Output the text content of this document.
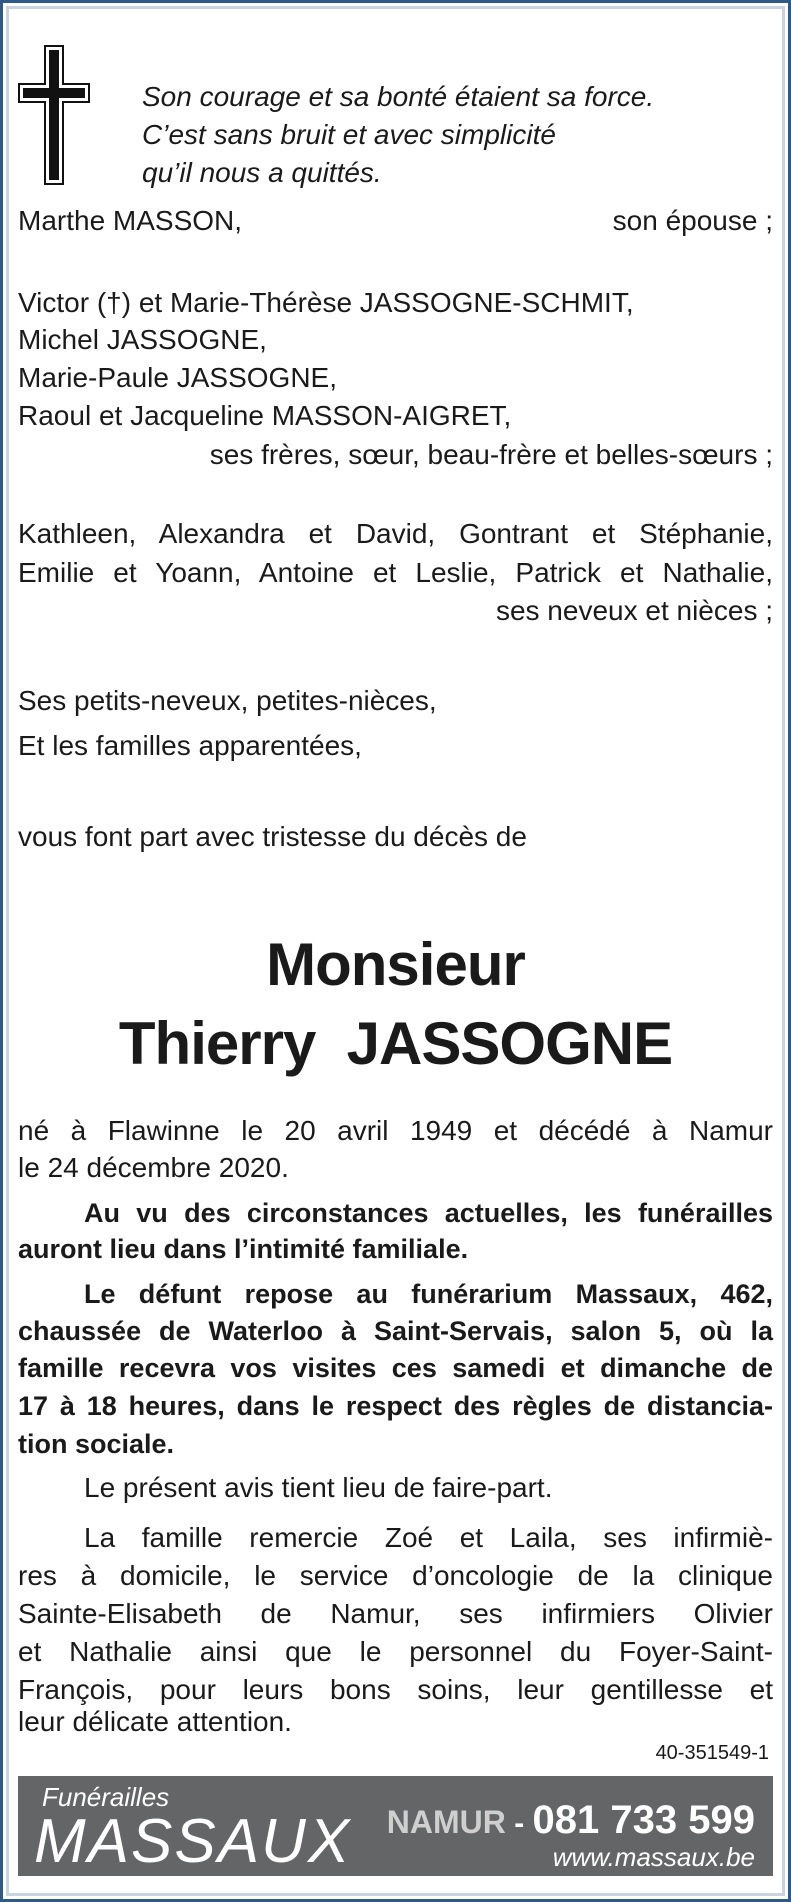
Son courage et sa bonté étaient sa force.
C’est sans bruit et avec simplicité
qu’il nous a quittés.
Marthe MASSON,	son épouse ;
Victor (†) et Marie-Thérèse JASSOGNE-SCHMIT,
Michel JASSOGNE,
Marie-Paule JASSOGNE,
Raoul et Jacqueline MASSON-AIGRET,
ses frères, sœur, beau-frère et belles-sœurs ;
Kathleen, Alexandra et David, Gontrant et Stéphanie,
Emilie et Yoann, Antoine et Leslie, Patrick et Nathalie,
ses neveux et nièces ;
Ses petits-neveux, petites-nièces,
Et les familles apparentées,
vous font part avec tristesse du décès de
Monsieur
Thierry  JASSOGNE
né à Flawinne le 20 avril 1949 et décédé à Namur
le 24 décembre 2020.
Au vu des circonstances actuelles, les funérailles
auront lieu dans l’intimité familiale.
Le défunt repose au funérarium Massaux, 462,
chaussée de Waterloo à Saint-Servais, salon 5, où la
famille recevra vos visites ces samedi et dimanche de
17 à 18 heures, dans le respect des règles de distancia-
tion sociale.
Le présent avis tient lieu de faire-part.
La famille remercie Zoé et Laila, ses infirmiè-
res à domicile, le service d’oncologie de la clinique
Sainte-Elisabeth de Namur, ses infirmiers Olivier
et Nathalie ainsi que le personnel du Foyer-Saint-
François, pour leurs bons soins, leur gentillesse et
leur délicate attention.
40-351549-1
Funérailles
MASSAUX NAMUR - 081 733 599
www.massaux.be
